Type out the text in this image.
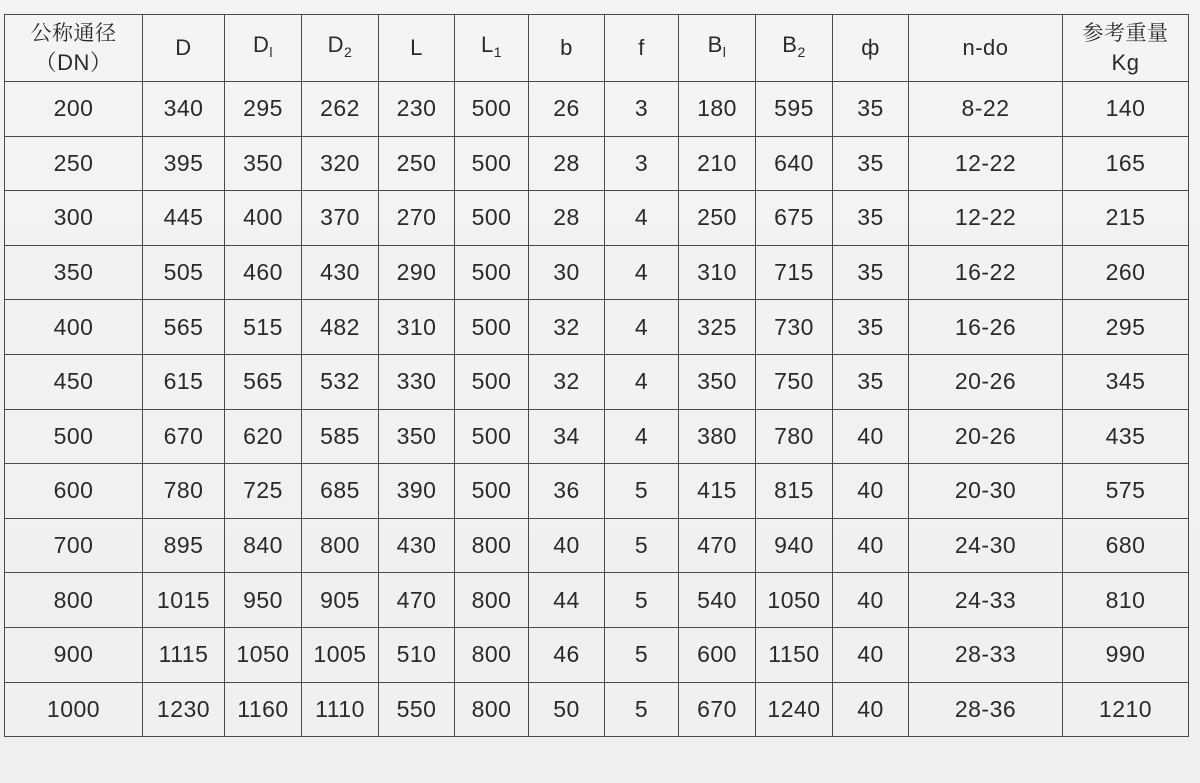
公称通径
（DN）	D	$D_l$	$D_2$	L	$L_1$	b	f	$B_l$	$B_2$	ф	n-do	参考重量
Kg

200	340	295	262	230	500	26	3	180	595	35	8-22	140
250	395	350	320	250	500	28	3	210	640	35	12-22	165
300	445	400	370	270	500	28	4	250	675	35	12-22	215
350	505	460	430	290	500	30	4	310	715	35	16-22	260
400	565	515	482	310	500	32	4	325	730	35	16-26	295
450	615	565	532	330	500	32	4	350	750	35	20-26	345
500	670	620	585	350	500	34	4	380	780	40	20-26	435
600	780	725	685	390	500	36	5	415	815	40	20-30	575
700	895	840	800	430	800	40	5	470	940	40	24-30	680
800	1015	950	905	470	800	44	5	540	1050	40	24-33	810
900	1115	1050	1005	510	800	46	5	600	1150	40	28-33	990
1000	1230	1160	1110	550	800	50	5	670	1240	40	28-36	1210
